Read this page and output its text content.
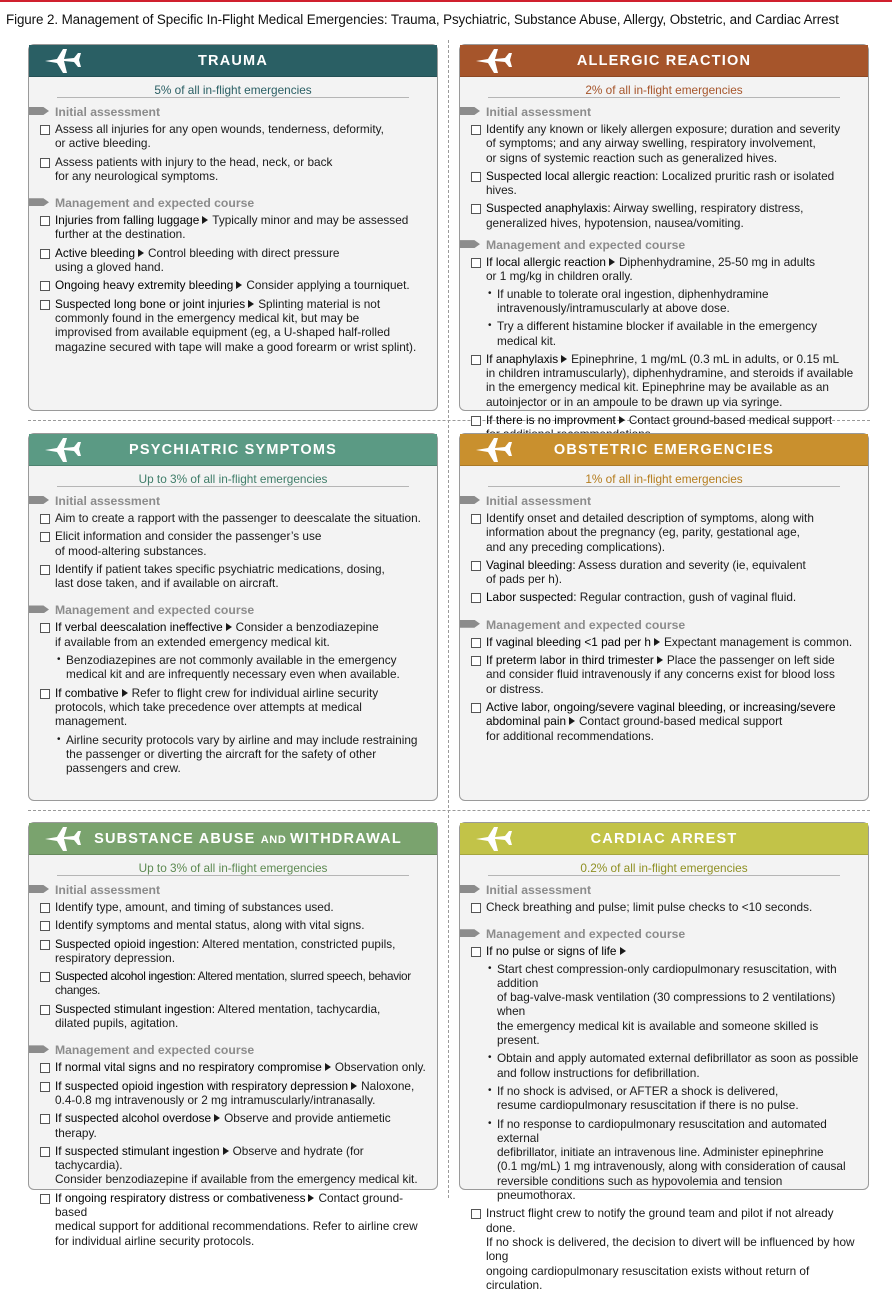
Figure 2. Management of Specific In-Flight Medical Emergencies: Trauma, Psychiatric, Substance Abuse, Allergy, Obstetric, and Cardiac Arrest
TRAUMA
5% of all in-flight emergencies
Initial assessment
Assess all injuries for any open wounds, tenderness, deformity,
or active bleeding.
Assess patients with injury to the head, neck, or back
for any neurological symptoms.
Management and expected course
Injuries from falling luggage Typically minor and may be assessed
further at the destination.
Active bleeding Control bleeding with direct pressure
using a gloved hand.
Ongoing heavy extremity bleeding Consider applying a tourniquet.
Suspected long bone or joint injuries Splinting material is not
commonly found in the emergency medical kit, but may be
improvised from available equipment (eg, a U-shaped half-rolled
magazine secured with tape will make a good forearm or wrist splint).
ALLERGIC REACTION
2% of all in-flight emergencies
Initial assessment
Identify any known or likely allergen exposure; duration and severity
of symptoms; and any airway swelling, respiratory involvement,
or signs of systemic reaction such as generalized hives.
Suspected local allergic reaction: Localized pruritic rash or isolated hives.
Suspected anaphylaxis: Airway swelling, respiratory distress,
generalized hives, hypotension, nausea/vomiting.
Management and expected course
If local allergic reaction Diphenhydramine, 25-50 mg in adults
or 1 mg/kg in children orally.
• If unable to tolerate oral ingestion, diphenhydramine
intravenously/intramuscularly at above dose.
• Try a different histamine blocker if available in the emergency medical kit.
If anaphylaxis Epinephrine, 1 mg/mL (0.3 mL in adults, or 0.15 mL
in children intramuscularly), diphenhydramine, and steroids if available
in the emergency medical kit. Epinephrine may be available as an
autoinjector or in an ampoule to be drawn up via syringe.
If there is no improvment Contact ground-based medical support

PSYCHIATRIC SYMPTOMS
Up to 3% of all in-flight emergencies
Initial assessment
Aim to create a rapport with the passenger to deescalate the situation.
Elicit information and consider the passenger’s use
of mood-altering substances.
Identify if patient takes specific psychiatric medications, dosing,
last dose taken, and if available on aircraft.
Management and expected course
If verbal deescalation ineffective Consider a benzodiazepine
if available from an extended emergency medical kit.
• Benzodiazepines are not commonly available in the emergency
medical kit and are infrequently necessary even when available.
If combative Refer to flight crew for individual airline security
protocols, which take precedence over attempts at medical management.
• Airline security protocols vary by airline and may include restraining
the passenger or diverting the aircraft for the safety of other
passengers and crew.
OBSTETRIC EMERGENCIES
1% of all in-flight emergencies
Initial assessment
Identify onset and detailed description of symptoms, along with
information about the pregnancy (eg, parity, gestational age,
and any preceding complications).
Vaginal bleeding: Assess duration and severity (ie, equivalent
of pads per h).
Labor suspected: Regular contraction, gush of vaginal fluid.
Management and expected course
If vaginal bleeding <1 pad per h Expectant management is common.
If preterm labor in third trimester Place the passenger on left side
and consider fluid intravenously if any concerns exist for blood loss
or distress.
Active labor, ongoing/severe vaginal bleeding, or increasing/severe
abdominal pain Contact ground-based medical support
for additional recommendations.
SUBSTANCE ABUSE AND WITHDRAWAL
Up to 3% of all in-flight emergencies
Initial assessment
Identify type, amount, and timing of substances used.
Identify symptoms and mental status, along with vital signs.
Suspected opioid ingestion: Altered mentation, constricted pupils,
respiratory depression.
Suspected alcohol ingestion: Altered mentation, slurred speech, behavior changes.
Suspected stimulant ingestion: Altered mentation, tachycardia,
dilated pupils, agitation.
Management and expected course
If normal vital signs and no respiratory compromise Observation only.
If suspected opioid ingestion with respiratory depression Naloxone,
0.4-0.8 mg intravenously or 2 mg intramuscularly/intranasally.
If suspected alcohol overdose Observe and provide antiemetic therapy.
If suspected stimulant ingestion Observe and hydrate (for tachycardia).
Consider benzodiazepine if available from the emergency medical kit.
If ongoing respiratory distress or combativeness Contact ground-based
medical support for additional recommendations. Refer to airline crew
for individual airline security protocols.
CARDIAC ARREST
0.2% of all in-flight emergencies
Initial assessment
Check breathing and pulse; limit pulse checks to <10 seconds.
Management and expected course
If no pulse or signs of life
• Start chest compression-only cardiopulmonary resuscitation, with addition
of bag-valve-mask ventilation (30 compressions to 2 ventilations) when
the emergency medical kit is available and someone skilled is present.
• Obtain and apply automated external defibrillator as soon as possible
and follow instructions for defibrillation.
• If no shock is advised, or AFTER a shock is delivered,
resume cardiopulmonary resuscitation if there is no pulse.
• If no response to cardiopulmonary resuscitation and automated external
defibrillator, initiate an intravenous line. Administer epinephrine
(0.1 mg/mL) 1 mg intravenously, along with consideration of causal
reversible conditions such as hypovolemia and tension pneumothorax.
Instruct flight crew to notify the ground team and pilot if not already done.
If no shock is delivered, the decision to divert will be influenced by how long
ongoing cardiopulmonary resuscitation exists without return of circulation.
